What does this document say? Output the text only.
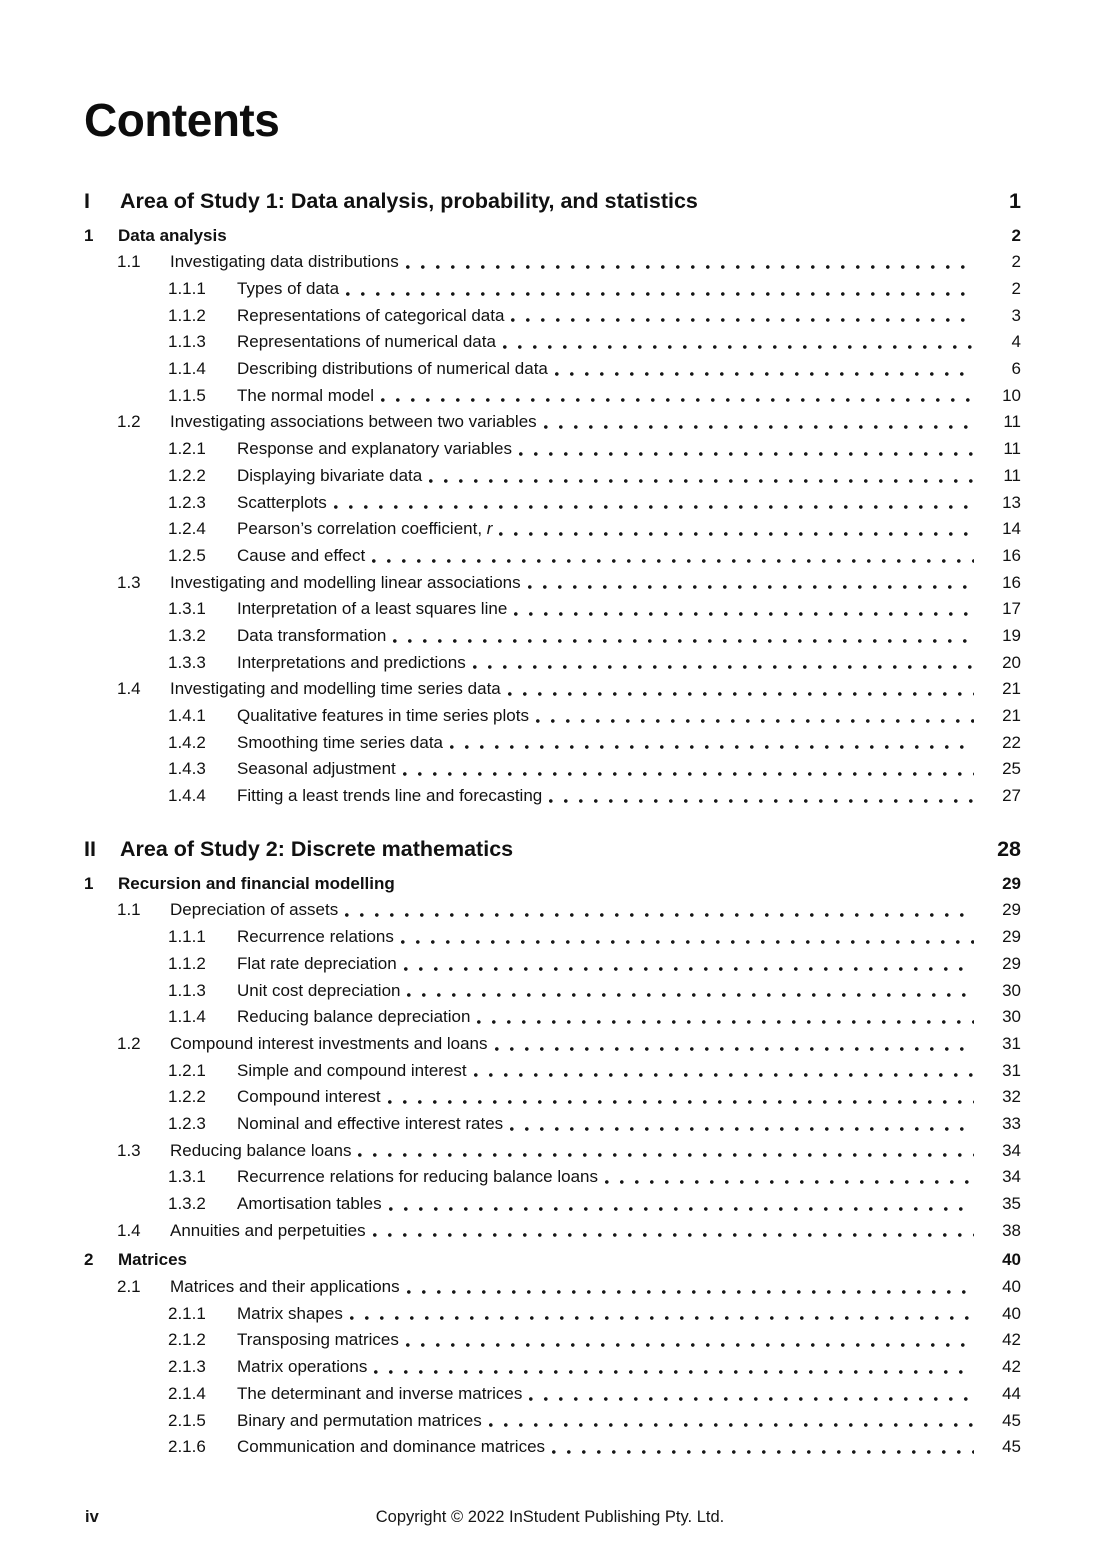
Contents
I	Area of Study 1: Data analysis, probability, and statistics	1
1	Data analysis	2
1.1	Investigating data distributions	2
1.1.1	Types of data	2
1.1.2	Representations of categorical data	3
1.1.3	Representations of numerical data	4
1.1.4	Describing distributions of numerical data	6
1.1.5	The normal model	10
1.2	Investigating associations between two variables	11
1.2.1	Response and explanatory variables	11
1.2.2	Displaying bivariate data	11
1.2.3	Scatterplots	13
1.2.4	Pearson’s correlation coefficient, r	14
1.2.5	Cause and effect	16
1.3	Investigating and modelling linear associations	16
1.3.1	Interpretation of a least squares line	17
1.3.2	Data transformation	19
1.3.3	Interpretations and predictions	20
1.4	Investigating and modelling time series data	21
1.4.1	Qualitative features in time series plots	21
1.4.2	Smoothing time series data	22
1.4.3	Seasonal adjustment	25
1.4.4	Fitting a least trends line and forecasting	27
II	Area of Study 2: Discrete mathematics	28
1	Recursion and financial modelling	29
1.1	Depreciation of assets	29
1.1.1	Recurrence relations	29
1.1.2	Flat rate depreciation	29
1.1.3	Unit cost depreciation	30
1.1.4	Reducing balance depreciation	30
1.2	Compound interest investments and loans	31
1.2.1	Simple and compound interest	31
1.2.2	Compound interest	32
1.2.3	Nominal and effective interest rates	33
1.3	Reducing balance loans	34
1.3.1	Recurrence relations for reducing balance loans	34
1.3.2	Amortisation tables	35
1.4	Annuities and perpetuities	38
2	Matrices	40
2.1	Matrices and their applications	40
2.1.1	Matrix shapes	40
2.1.2	Transposing matrices	42
2.1.3	Matrix operations	42
2.1.4	The determinant and inverse matrices	44
2.1.5	Binary and permutation matrices	45
2.1.6	Communication and dominance matrices	45
iv	Copyright © 2022 InStudent Publishing Pty. Ltd.
